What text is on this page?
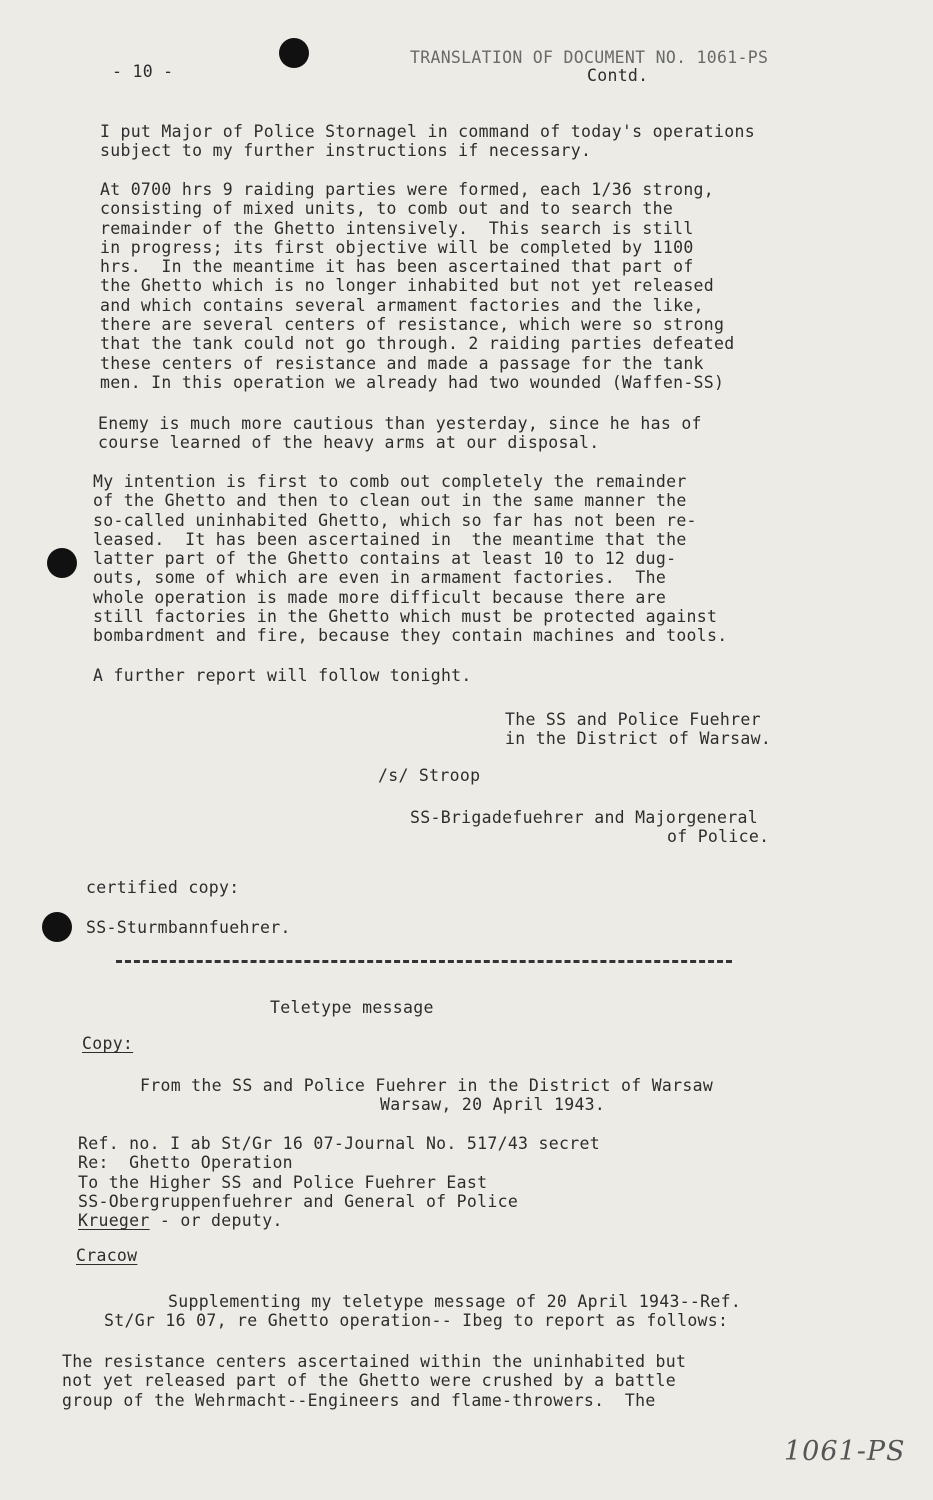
- 10 -
TRANSLATION OF DOCUMENT NO. 1061-PS
Contd.
I put Major of Police Stornagel in command of today's operations
subject to my further instructions if necessary.
At 0700 hrs 9 raiding parties were formed, each 1/36 strong,
consisting of mixed units, to comb out and to search the
remainder of the Ghetto intensively.  This search is still
in progress; its first objective will be completed by 1100
hrs.  In the meantime it has been ascertained that part of
the Ghetto which is no longer inhabited but not yet released
and which contains several armament factories and the like,
there are several centers of resistance, which were so strong
that the tank could not go through. 2 raiding parties defeated
these centers of resistance and made a passage for the tank
men. In this operation we already had two wounded (Waffen-SS)
Enemy is much more cautious than yesterday, since he has of
course learned of the heavy arms at our disposal.
My intention is first to comb out completely the remainder
of the Ghetto and then to clean out in the same manner the
so-called uninhabited Ghetto, which so far has not been re-
leased.  It has been ascertained in  the meantime that the
latter part of the Ghetto contains at least 10 to 12 dug-
outs, some of which are even in armament factories.  The
whole operation is made more difficult because there are
still factories in the Ghetto which must be protected against
bombardment and fire, because they contain machines and tools.
A further report will follow tonight.
The SS and Police Fuehrer
in the District of Warsaw.
/s/ Stroop
SS-Brigadefuehrer and Majorgeneral
of Police.
certified copy:
SS-Sturmbannfuehrer.
Teletype message
Copy:
From the SS and Police Fuehrer in the District of Warsaw
Warsaw, 20 April 1943.
Ref. no. I ab St/Gr 16 07-Journal No. 517/43 secret
Re:  Ghetto Operation
To the Higher SS and Police Fuehrer East
SS-Obergruppenfuehrer and General of Police
Krueger - or deputy.
Cracow
Supplementing my teletype message of 20 April 1943--Ref.
St/Gr 16 07, re Ghetto operation-- Ibeg to report as follows:
The resistance centers ascertained within the uninhabited but
not yet released part of the Ghetto were crushed by a battle
group of the Wehrmacht--Engineers and flame-throwers.  The
1061-PS
